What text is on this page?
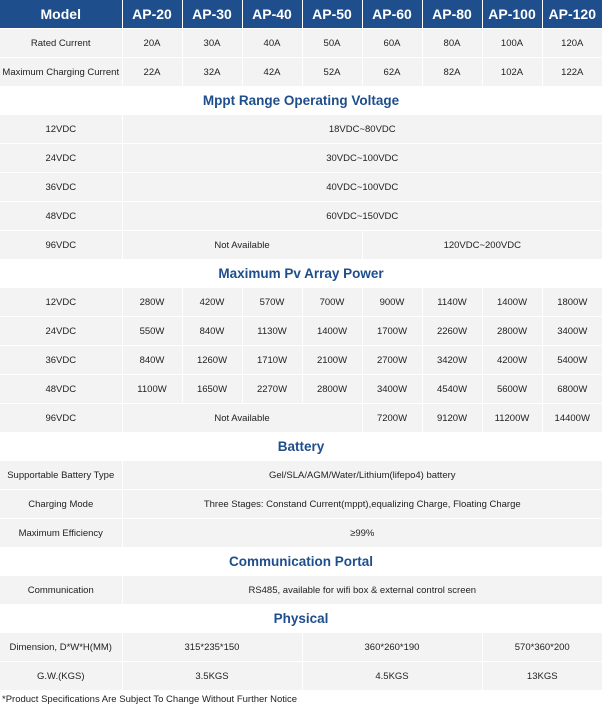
Model	AP-20	AP-30	AP-40	AP-50	AP-60	AP-80	AP-100	AP-120
Rated Current	20A	30A	40A	50A	60A	80A	100A	120A
Maximum Charging Current	22A	32A	42A	52A	62A	82A	102A	122A
Mppt Range Operating Voltage								
12VDC	18VDC~80VDC							
24VDC	30VDC~100VDC							
36VDC	40VDC~100VDC							
48VDC	60VDC~150VDC							
96VDC	Not Available				120VDC~200VDC			
Maximum Pv Array Power								
12VDC	280W	420W	570W	700W	900W	1140W	1400W	1800W
24VDC	550W	840W	1130W	1400W	1700W	2260W	2800W	3400W
36VDC	840W	1260W	1710W	2100W	2700W	3420W	4200W	5400W
48VDC	1100W	1650W	2270W	2800W	3400W	4540W	5600W	6800W
96VDC	Not Available				7200W	9120W	11200W	14400W
Battery								
Supportable Battery Type	Gel/SLA/AGM/Water/Lithium(lifepo4) battery							
Charging Mode	Three Stages: Constand Current(mppt),equalizing Charge, Floating Charge							
Maximum Efficiency	≥99%							
Communication Portal								
Communication	RS485, available for wifi box & external control screen							
Physical								
Dimension, D*W*H(MM)	315*235*150			360*260*190			570*360*200	
G.W.(KGS)	3.5KGS			4.5KGS			13KGS	
*Product Specifications Are Subject To Change Without Further Notice
